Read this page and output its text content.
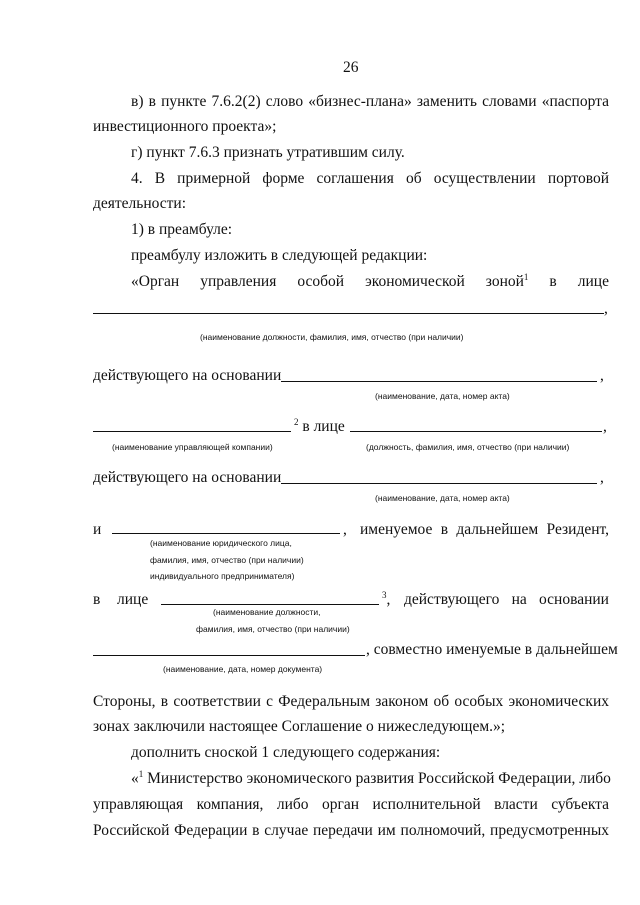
26
в) в пункте 7.6.2(2) слово «бизнес-плана» заменить словами «паспорта
инвестиционного проекта»;
г) пункт 7.6.3 признать утратившим силу.
4. В примерной форме соглашения об осуществлении портовой
деятельности:
1) в преамбуле:
преамбулу изложить в следующей редакции:
«Орган управления особой экономической зоной$^1$ в лице
,
(наименование должности, фамилия, имя, отчество (при наличии)
действующего на основании	,
(наименование, дата, номер акта)
$^2$ в лице	,
(наименование управляющей компании)	(должность, фамилия, имя, отчество (при наличии)
действующего на основании	,
(наименование, дата, номер акта)
и	, именуемое в дальнейшем Резидент,
(наименование юридического лица,
фамилия, имя, отчество (при наличии)
индивидуального предпринимателя)
в лице	$^3$, действующего на основании
(наименование должности,
фамилия, имя, отчество (при наличии)
, совместно именуемые в дальнейшем
(наименование, дата, номер документа)
Стороны, в соответствии с Федеральным законом об особых экономических
зонах заключили настоящее Соглашение о нижеследующем.»;
дополнить сноской 1 следующего содержания:
«$^1$ Министерство экономического развития Российской Федерации, либо
управляющая компания, либо орган исполнительной власти субъекта
Российской Федерации в случае передачи им полномочий, предусмотренных
